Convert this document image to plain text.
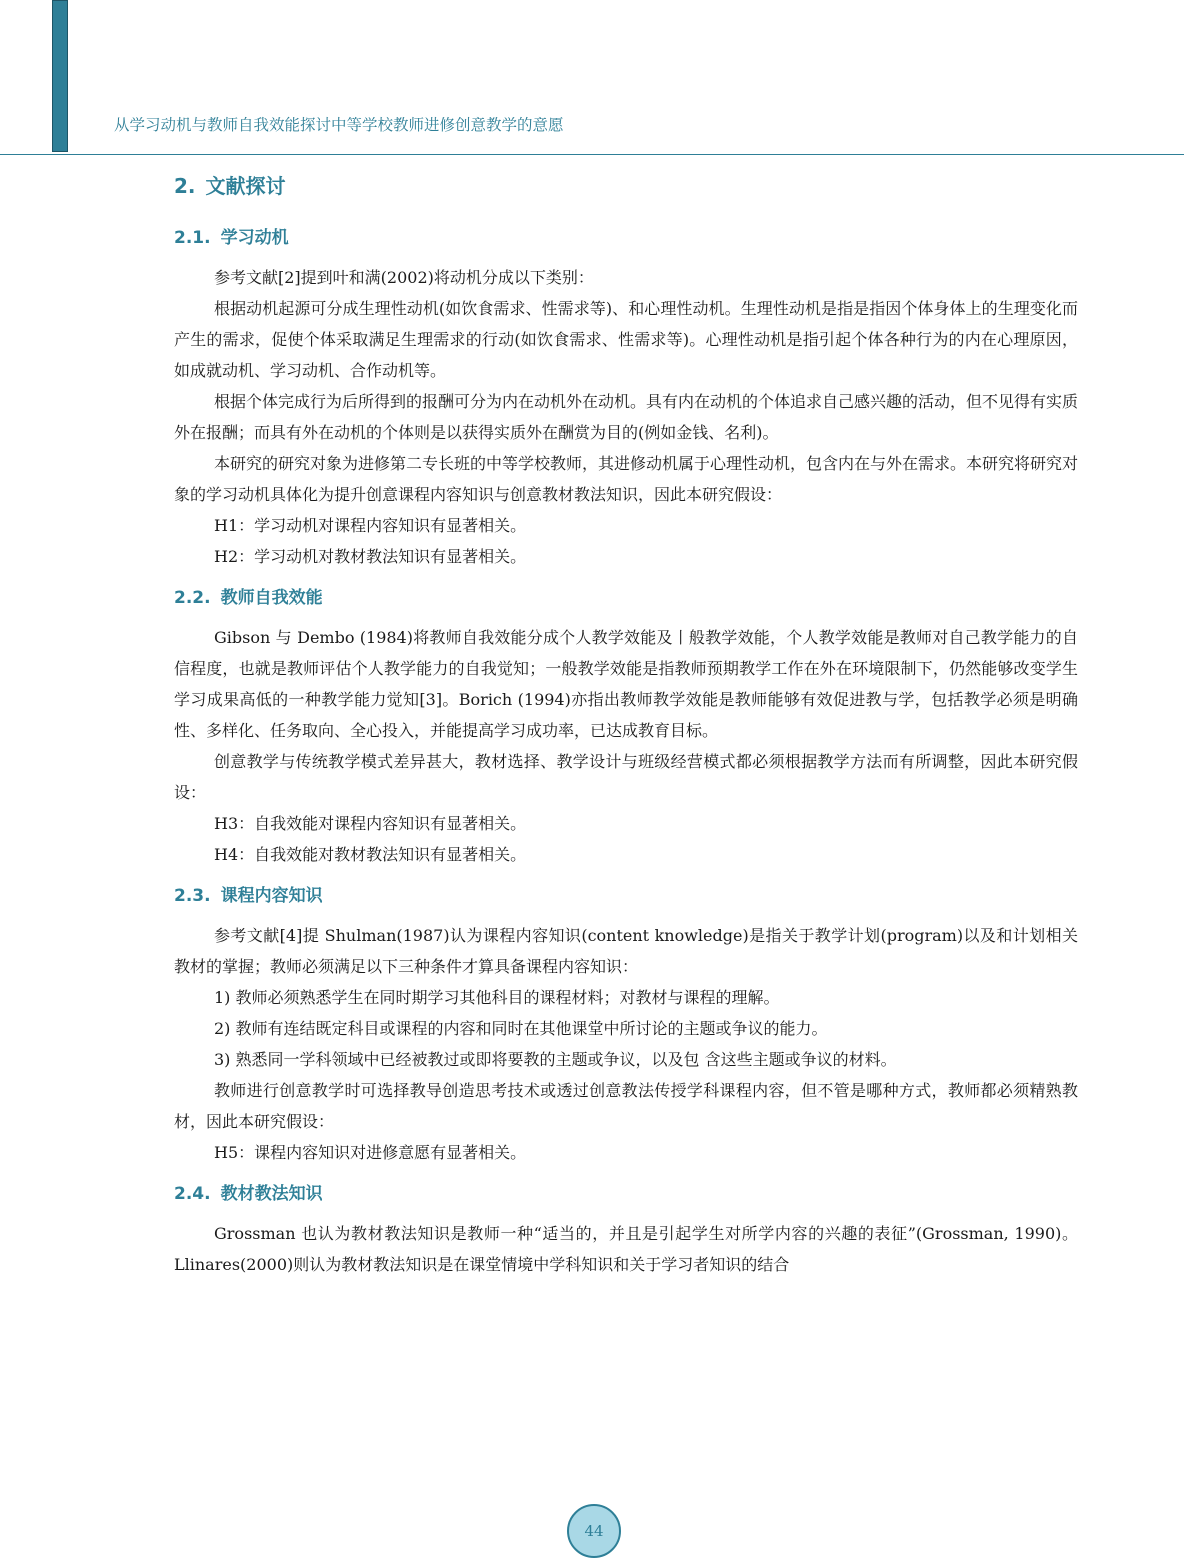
从学习动机与教师自我效能探讨中等学校教师进修创意教学的意愿
2. 文献探讨
2.1. 学习动机

参考文献[2]提到叶和满(2002)将动机分成以下类别：

根据动机起源可分成生理性动机(如饮食需求、性需求等)、和心理性动机。生理性动机是指是指因个体身体上的生理变化而产生的需求，促使个体采取满足生理需求的行动(如饮食需求、性需求等)。心理性动机是指引起个体各种行为的内在心理原因，如成就动机、学习动机、合作动机等。

根据个体完成行为后所得到的报酬可分为内在动机外在动机。具有内在动机的个体追求自己感兴趣的活动，但不见得有实质外在报酬；而具有外在动机的个体则是以获得实质外在酬赏为目的(例如金钱、名利)。

本研究的研究对象为进修第二专长班的中等学校教师，其进修动机属于心理性动机，包含内在与外在需求。本研究将研究对象的学习动机具体化为提升创意课程内容知识与创意教材教法知识，因此本研究假设：

H1：学习动机对课程内容知识有显著相关。

H2：学习动机对教材教法知识有显著相关。

2.2. 教师自我效能

Gibson 与 Dembo (1984)将教师自我效能分成个人教学效能及丨般教学效能，个人教学效能是教师对自己教学能力的自信程度，也就是教师评估个人教学能力的自我觉知；一般教学效能是指教师预期教学工作在外在环境限制下，仍然能够改变学生学习成果高低的一种教学能力觉知[3]。Borich (1994)亦指出教师教学效能是教师能够有效促进教与学，包括教学必须是明确性、多样化、任务取向、全心投入，并能提高学习成功率，已达成教育目标。

创意教学与传统教学模式差异甚大，教材选择、教学设计与班级经营模式都必须根据教学方法而有所调整，因此本研究假设：

H3：自我效能对课程内容知识有显著相关。

H4：自我效能对教材教法知识有显著相关。

2.3. 课程内容知识

参考文献[4]提 Shulman(1987)认为课程内容知识(content knowledge)是指关于教学计划(program)以及和计划相关教材的掌握；教师必须满足以下三种条件才算具备课程内容知识：

1) 教师必须熟悉学生在同时期学习其他科目的课程材料；对教材与课程的理解。

2) 教师有连结既定科目或课程的内容和同时在其他课堂中所讨论的主题或争议的能力。

3) 熟悉同一学科领域中已经被教过或即将要教的主题或争议，以及包 含这些主题或争议的材料。

教师进行创意教学时可选择教导创造思考技术或透过创意教法传授学科课程内容，但不管是哪种方式，教师都必须精熟教材，因此本研究假设：

H5：课程内容知识对进修意愿有显著相关。

2.4. 教材教法知识

Grossman 也认为教材教法知识是教师一种“适当的，并且是引起学生对所学内容的兴趣的表征”(Grossman, 1990)。Llinares(2000)则认为教材教法知识是在课堂情境中学科知识和关于学习者知识的结合

44
